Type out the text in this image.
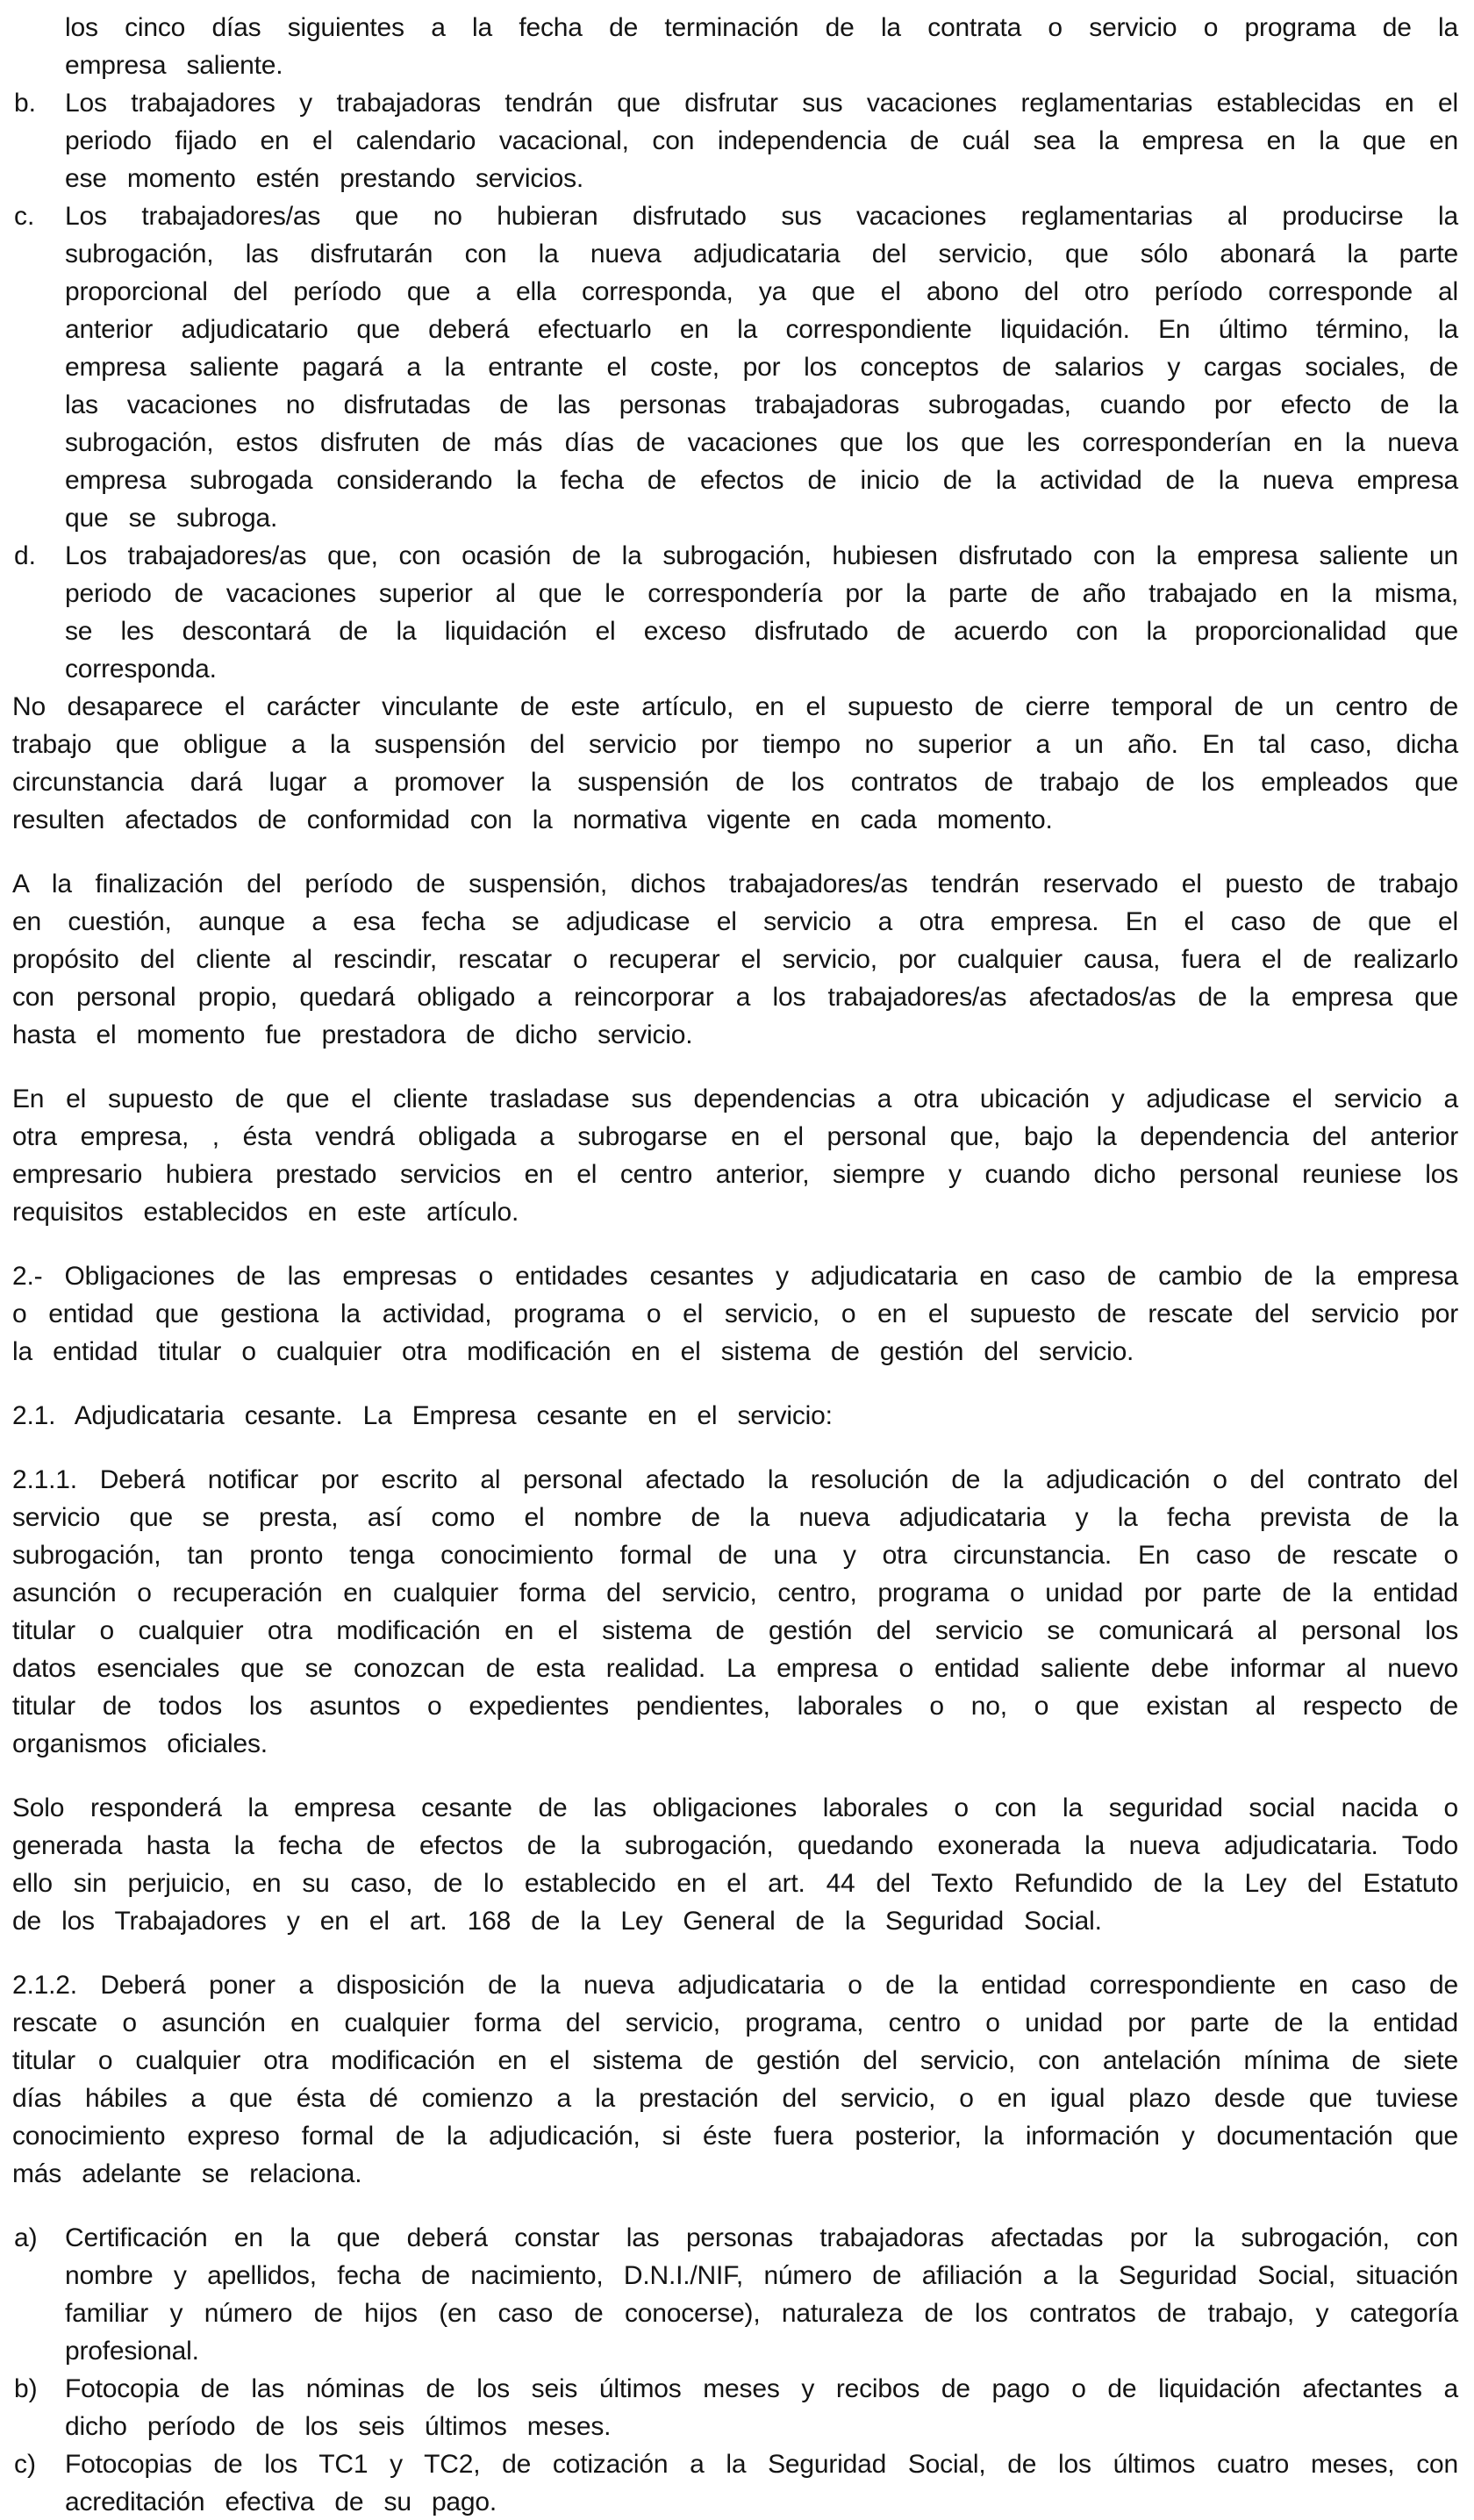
los cinco días siguientes a la fecha de terminación de la contrata o servicio o programa de la empresa saliente.

b. Los trabajadores y trabajadoras tendrán que disfrutar sus vacaciones reglamentarias establecidas en el periodo fijado en el calendario vacacional, con independencia de cuál sea la empresa en la que en ese momento estén prestando servicios.
c. Los trabajadores/as que no hubieran disfrutado sus vacaciones reglamentarias al producirse la subrogación, las disfrutarán con la nueva adjudicataria del servicio, que sólo abonará la parte proporcional del período que a ella corresponda, ya que el abono del otro período corresponde al anterior adjudicatario que deberá efectuarlo en la correspondiente liquidación. En último término, la empresa saliente pagará a la entrante el coste, por los conceptos de salarios y cargas sociales, de las vacaciones no disfrutadas de las personas trabajadoras subrogadas, cuando por efecto de la subrogación, estos disfruten de más días de vacaciones que los que les corresponderían en la nueva empresa subrogada considerando la fecha de efectos de inicio de la actividad de la nueva empresa que se subroga.
d. Los trabajadores/as que, con ocasión de la subrogación, hubiesen disfrutado con la empresa saliente un periodo de vacaciones superior al que le correspondería por la parte de año trabajado en la misma, se les descontará de la liquidación el exceso disfrutado de acuerdo con la proporcionalidad que corresponda.

No desaparece el carácter vinculante de este artículo, en el supuesto de cierre temporal de un centro de trabajo que obligue a la suspensión del servicio por tiempo no superior a un año. En tal caso, dicha circunstancia dará lugar a promover la suspensión de los contratos de trabajo de los empleados que resulten afectados de conformidad con la normativa vigente en cada momento.

A la finalización del período de suspensión, dichos trabajadores/as tendrán reservado el puesto de trabajo en cuestión, aunque a esa fecha se adjudicase el servicio a otra empresa. En el caso de que el propósito del cliente al rescindir, rescatar o recuperar el servicio, por cualquier causa, fuera el de realizarlo con personal propio, quedará obligado a reincorporar a los trabajadores/as afectados/as de la empresa que hasta el momento fue prestadora de dicho servicio.

En el supuesto de que el cliente trasladase sus dependencias a otra ubicación y adjudicase el servicio a otra empresa, , ésta vendrá obligada a subrogarse en el personal que, bajo la dependencia del anterior empresario hubiera prestado servicios en el centro anterior, siempre y cuando dicho personal reuniese los requisitos establecidos en este artículo.

2.- Obligaciones de las empresas o entidades cesantes y adjudicataria en caso de cambio de la empresa o entidad que gestiona la actividad, programa o el servicio, o en el supuesto de rescate del servicio por la entidad titular o cualquier otra modificación en el sistema de gestión del servicio.

2.1. Adjudicataria cesante. La Empresa cesante en el servicio:

2.1.1. Deberá notificar por escrito al personal afectado la resolución de la adjudicación o del contrato del servicio que se presta, así como el nombre de la nueva adjudicataria y la fecha prevista de la subrogación, tan pronto tenga conocimiento formal de una y otra circunstancia. En caso de rescate o asunción o recuperación en cualquier forma del servicio, centro, programa o unidad por parte de la entidad titular o cualquier otra modificación en el sistema de gestión del servicio se comunicará al personal los datos esenciales que se conozcan de esta realidad. La empresa o entidad saliente debe informar al nuevo titular de todos los asuntos o expedientes pendientes, laborales o no, o que existan al respecto de organismos oficiales.

Solo responderá la empresa cesante de las obligaciones laborales o con la seguridad social nacida o generada hasta la fecha de efectos de la subrogación, quedando exonerada la nueva adjudicataria. Todo ello sin perjuicio, en su caso, de lo establecido en el art. 44 del Texto Refundido de la Ley del Estatuto de los Trabajadores y en el art. 168 de la Ley General de la Seguridad Social.

2.1.2. Deberá poner a disposición de la nueva adjudicataria o de la entidad correspondiente en caso de rescate o asunción en cualquier forma del servicio, programa, centro o unidad por parte de la entidad titular o cualquier otra modificación en el sistema de gestión del servicio, con antelación mínima de siete días hábiles a que ésta dé comienzo a la prestación del servicio, o en igual plazo desde que tuviese conocimiento expreso formal de la adjudicación, si éste fuera posterior, la información y documentación que más adelante se relaciona.

a) Certificación en la que deberá constar las personas trabajadoras afectadas por la subrogación, con nombre y apellidos, fecha de nacimiento, D.N.I./NIF, número de afiliación a la Seguridad Social, situación familiar y número de hijos (en caso de conocerse), naturaleza de los contratos de trabajo, y categoría profesional.
b) Fotocopia de las nóminas de los seis últimos meses y recibos de pago o de liquidación afectantes a dicho período de los seis últimos meses.
c) Fotocopias de los TC1 y TC2, de cotización a la Seguridad Social, de los últimos cuatro meses, con acreditación efectiva de su pago.
